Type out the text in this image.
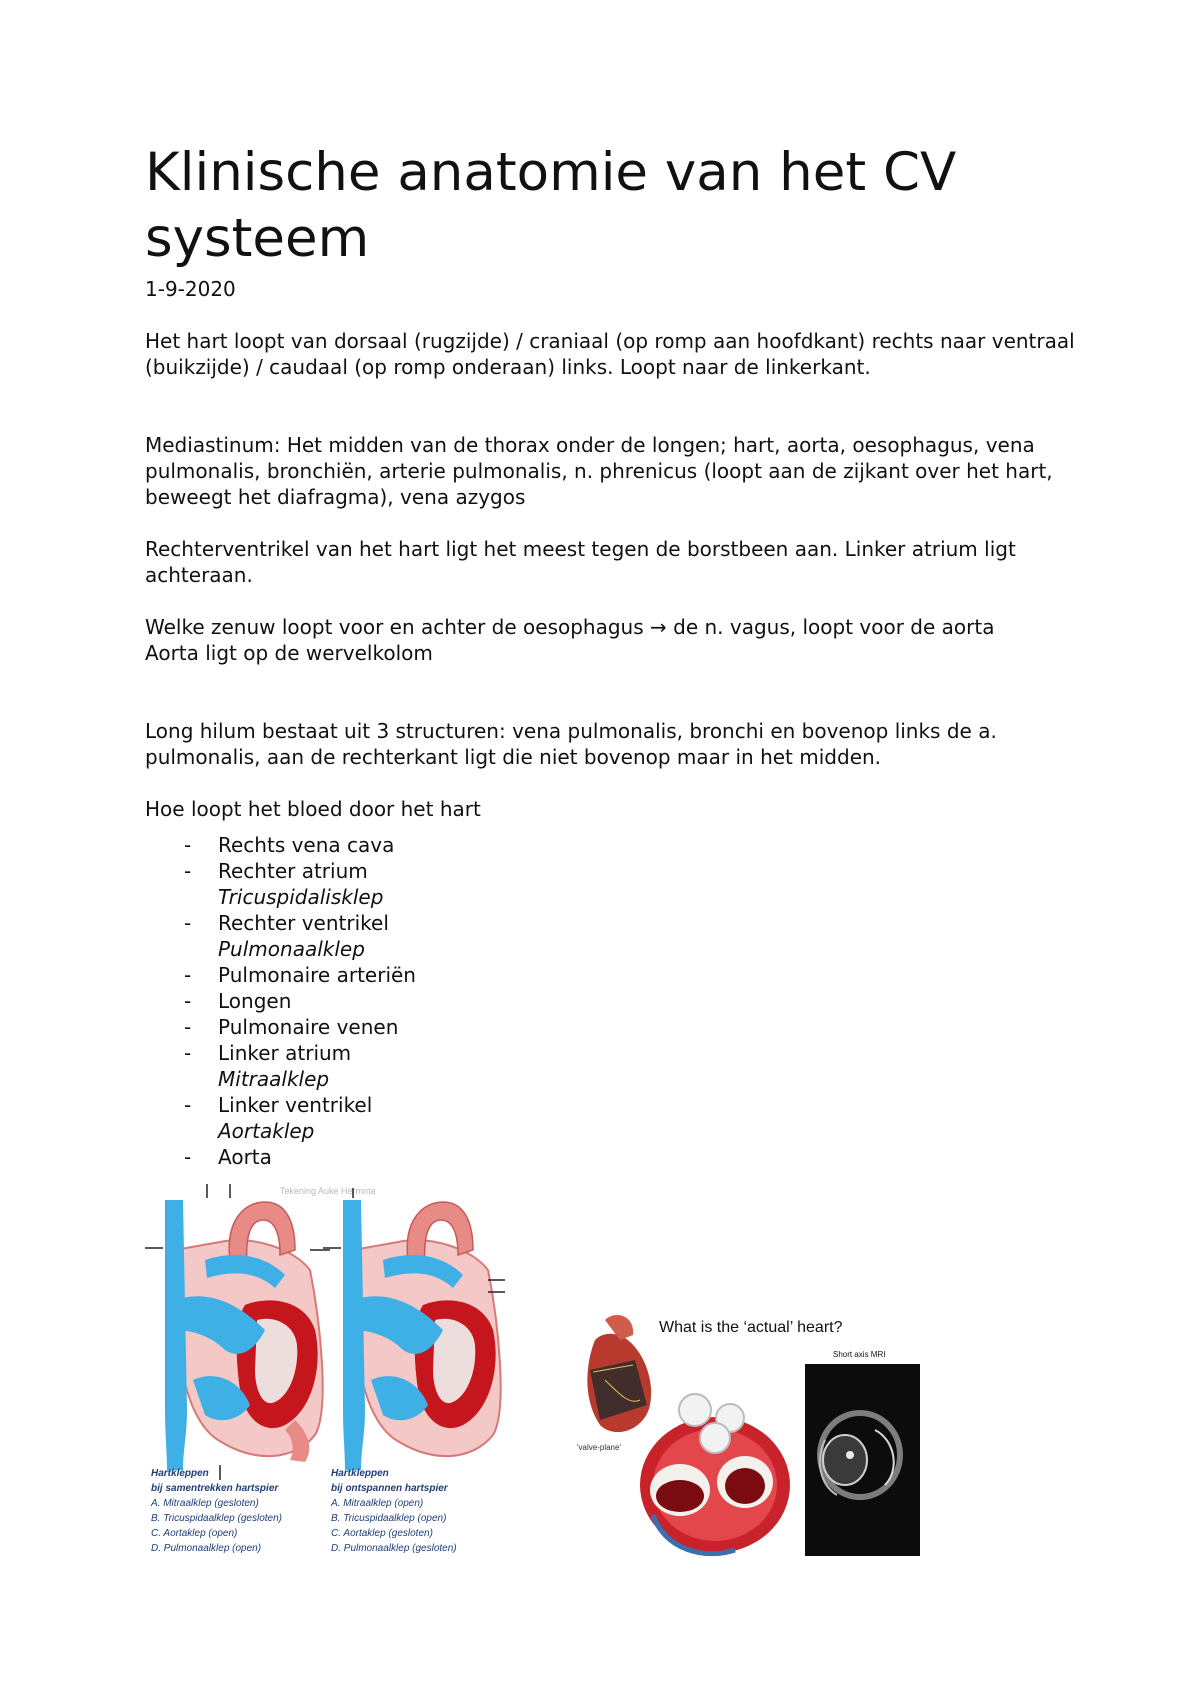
Klinische anatomie van het CV systeem
1-9-2020

Het hart loopt van dorsaal (rugzijde) / craniaal (op romp aan hoofdkant) rechts naar ventraal (buikzijde) / caudaal (op romp onderaan) links. Loopt naar de linkerkant.

Mediastinum: Het midden van de thorax onder de longen; hart, aorta, oesophagus, vena pulmonalis, bronchiën, arterie pulmonalis, n. phrenicus (loopt aan de zijkant over het hart, beweegt het diafragma), vena azygos

Rechterventrikel van het hart ligt het meest tegen de borstbeen aan. Linker atrium ligt achteraan.

Welke zenuw loopt voor en achter de oesophagus → de n. vagus, loopt voor de aorta
Aorta ligt op de wervelkolom

Long hilum bestaat uit 3 structuren: vena pulmonalis, bronchi en bovenop links de a. pulmonalis, aan de rechterkant ligt die niet bovenop maar in het midden.

Hoe loopt het bloed door het hart

- Rechts vena cava
- Rechter atrium
Tricuspidalisklep
- Rechter ventrikel
Pulmonaalklep
- Pulmonaire arteriën
- Longen
- Pulmonaire venen
- Linker atrium
Mitraalklep
- Linker ventrikel
Aortaklep
- Aorta
Tekening Auke Hermma
Hartkleppen
bij samentrekken hartspier
A. Mitraalklep (gesloten)
B. Tricuspidaalklep (gesloten)
C. Aortaklep (open)
D. Pulmonaalklep (open)
Hartkleppen
bij ontspannen hartspier
A. Mitraalklep (open)
B. Tricuspidaalklep (open)
C. Aortaklep (gesloten)
D. Pulmonaalklep (gesloten)
What is the ‘actual’ heart?
'valve-plane'
Short axis MRI
